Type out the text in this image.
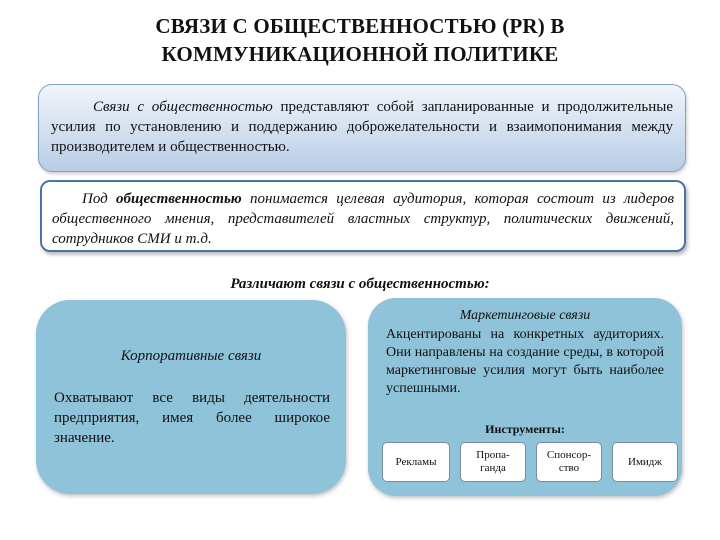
СВЯЗИ С ОБЩЕСТВЕННОСТЬЮ (PR) В
КОММУНИКАЦИОННОЙ ПОЛИТИКЕ
Связи с общественностью представляют собой запланированные и продолжительные усилия по установлению и поддержанию доброжелательности и взаимопонимания между производителем и общественностью.
Под общественностью понимается целевая аудитория, которая состоит из лидеров общественного мнения, представителей властных структур, политических движений, сотрудников СМИ и т.д.
Различают связи с общественностью:
Корпоративные связи
Охватывают все виды деятельности предприятия, имея более широкое значение.
Маркетинговые связи
Акцентированы на конкретных аудиториях. Они направлены на создание среды, в которой маркетинговые усилия могут быть наиболее успешными.
Инструменты:
Рекламы
Пропа-
ганда
Спонсор-
ство
Имидж
